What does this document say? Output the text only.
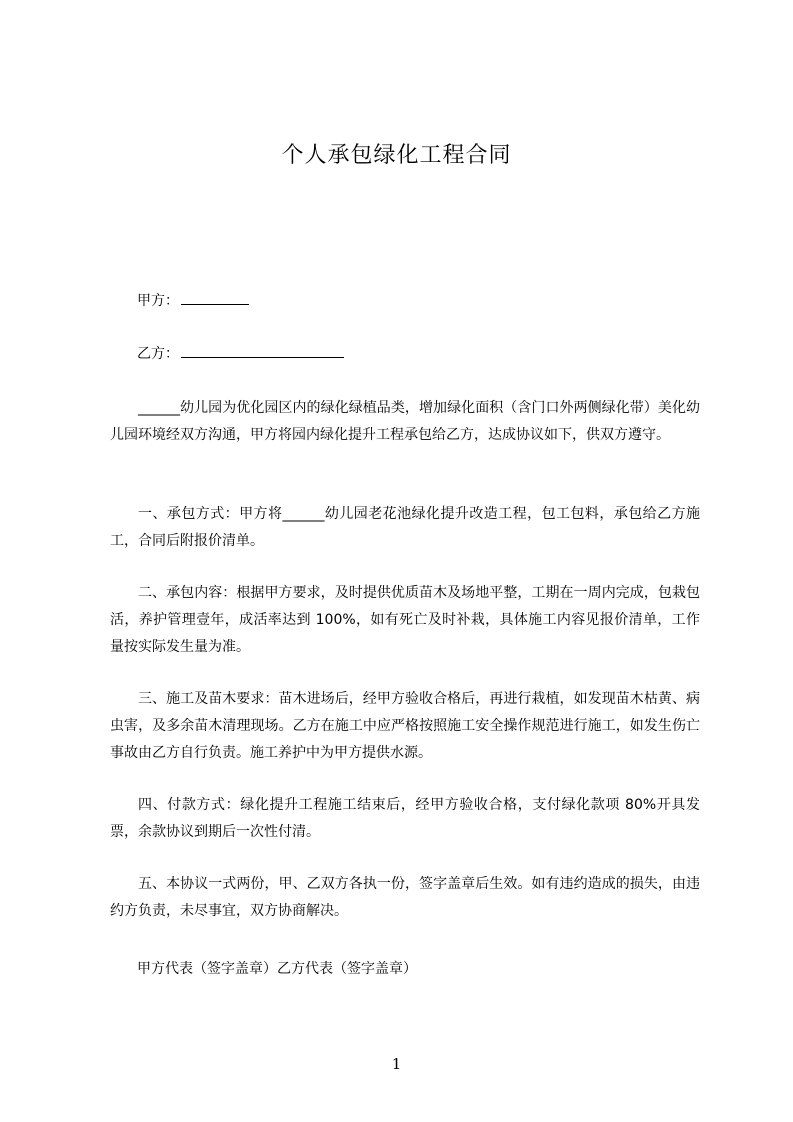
个人承包绿化工程合同
甲方：
乙方：
______幼儿园为优化园区内的绿化绿植品类，增加绿化面积（含门口外两侧绿化带）美化幼儿园环境经双方沟通，甲方将园内绿化提升工程承包给乙方，达成协议如下，供双方遵守。
一、承包方式：甲方将______幼儿园老花池绿化提升改造工程，包工包料，承包给乙方施工，合同后附报价清单。
二、承包内容：根据甲方要求，及时提供优质苗木及场地平整，工期在一周内完成，包栽包活，养护管理壹年，成活率达到 100%，如有死亡及时补栽，具体施工内容见报价清单，工作量按实际发生量为准。
三、施工及苗木要求：苗木进场后，经甲方验收合格后，再进行栽植，如发现苗木枯黄、病虫害，及多余苗木清理现场。乙方在施工中应严格按照施工安全操作规范进行施工，如发生伤亡事故由乙方自行负责。施工养护中为甲方提供水源。
四、付款方式：绿化提升工程施工结束后，经甲方验收合格，支付绿化款项 80%开具发票，余款协议到期后一次性付清。
五、本协议一式两份，甲、乙双方各执一份，签字盖章后生效。如有违约造成的损失，由违约方负责，未尽事宜，双方协商解决。
甲方代表（签字盖章）乙方代表（签字盖章）
1
